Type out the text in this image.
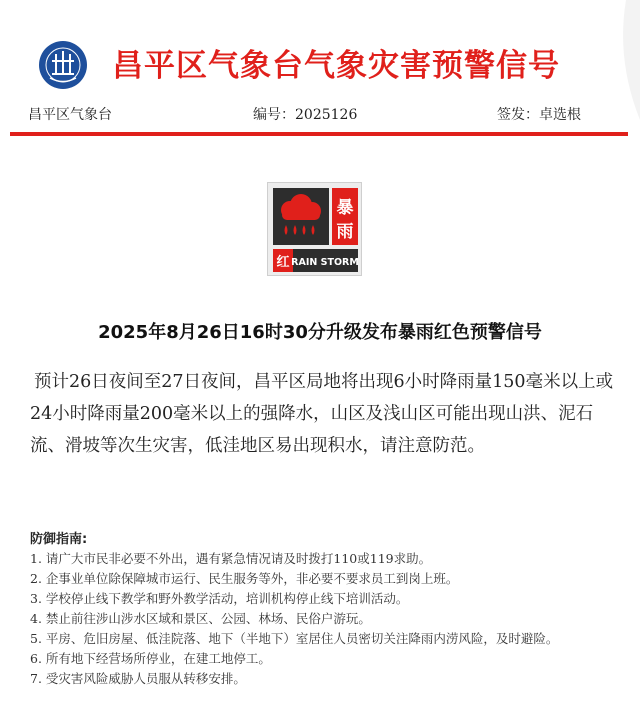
昌平区气象台气象灾害预警信号
昌平区气象台	编号：2025126	签发：卓选根
暴
雨
红 RAIN STORM
2025年8月26日16时30分升级发布暴雨红色预警信号
预计26日夜间至27日夜间，昌平区局地将出现6小时降雨量150毫米以上或24小时降雨量200毫米以上的强降水，山区及浅山区可能出现山洪、泥石流、滑坡等次生灾害，低洼地区易出现积水，请注意防范。
防御指南:
1. 请广大市民非必要不外出，遇有紧急情况请及时拨打110或119求助。
2. 企事业单位除保障城市运行、民生服务等外，非必要不要求员工到岗上班。
3. 学校停止线下教学和野外教学活动，培训机构停止线下培训活动。
4. 禁止前往涉山涉水区域和景区、公园、林场、民俗户游玩。
5. 平房、危旧房屋、低洼院落、地下（半地下）室居住人员密切关注降雨内涝风险，及时避险。
6. 所有地下经营场所停业，在建工地停工。
7. 受灾害风险威胁人员服从转移安排。
